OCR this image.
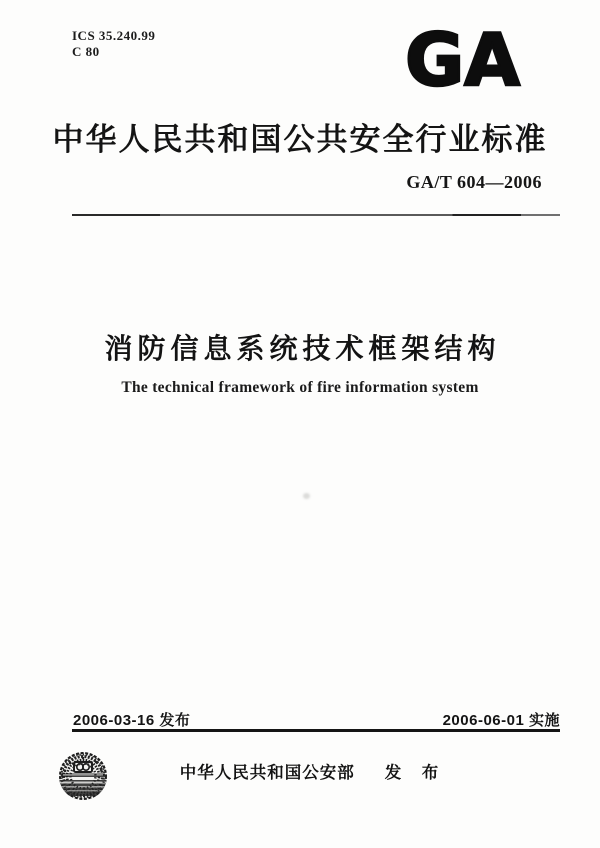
ICS 35.240.99
C 80	GA
中华人民共和国公共安全行业标准
GA/T 604—2006
消防信息系统技术框架结构
The technical framework of fire information system
2006-03-16 发布	2006-06-01 实施
中华人民共和国公安部 发 布
